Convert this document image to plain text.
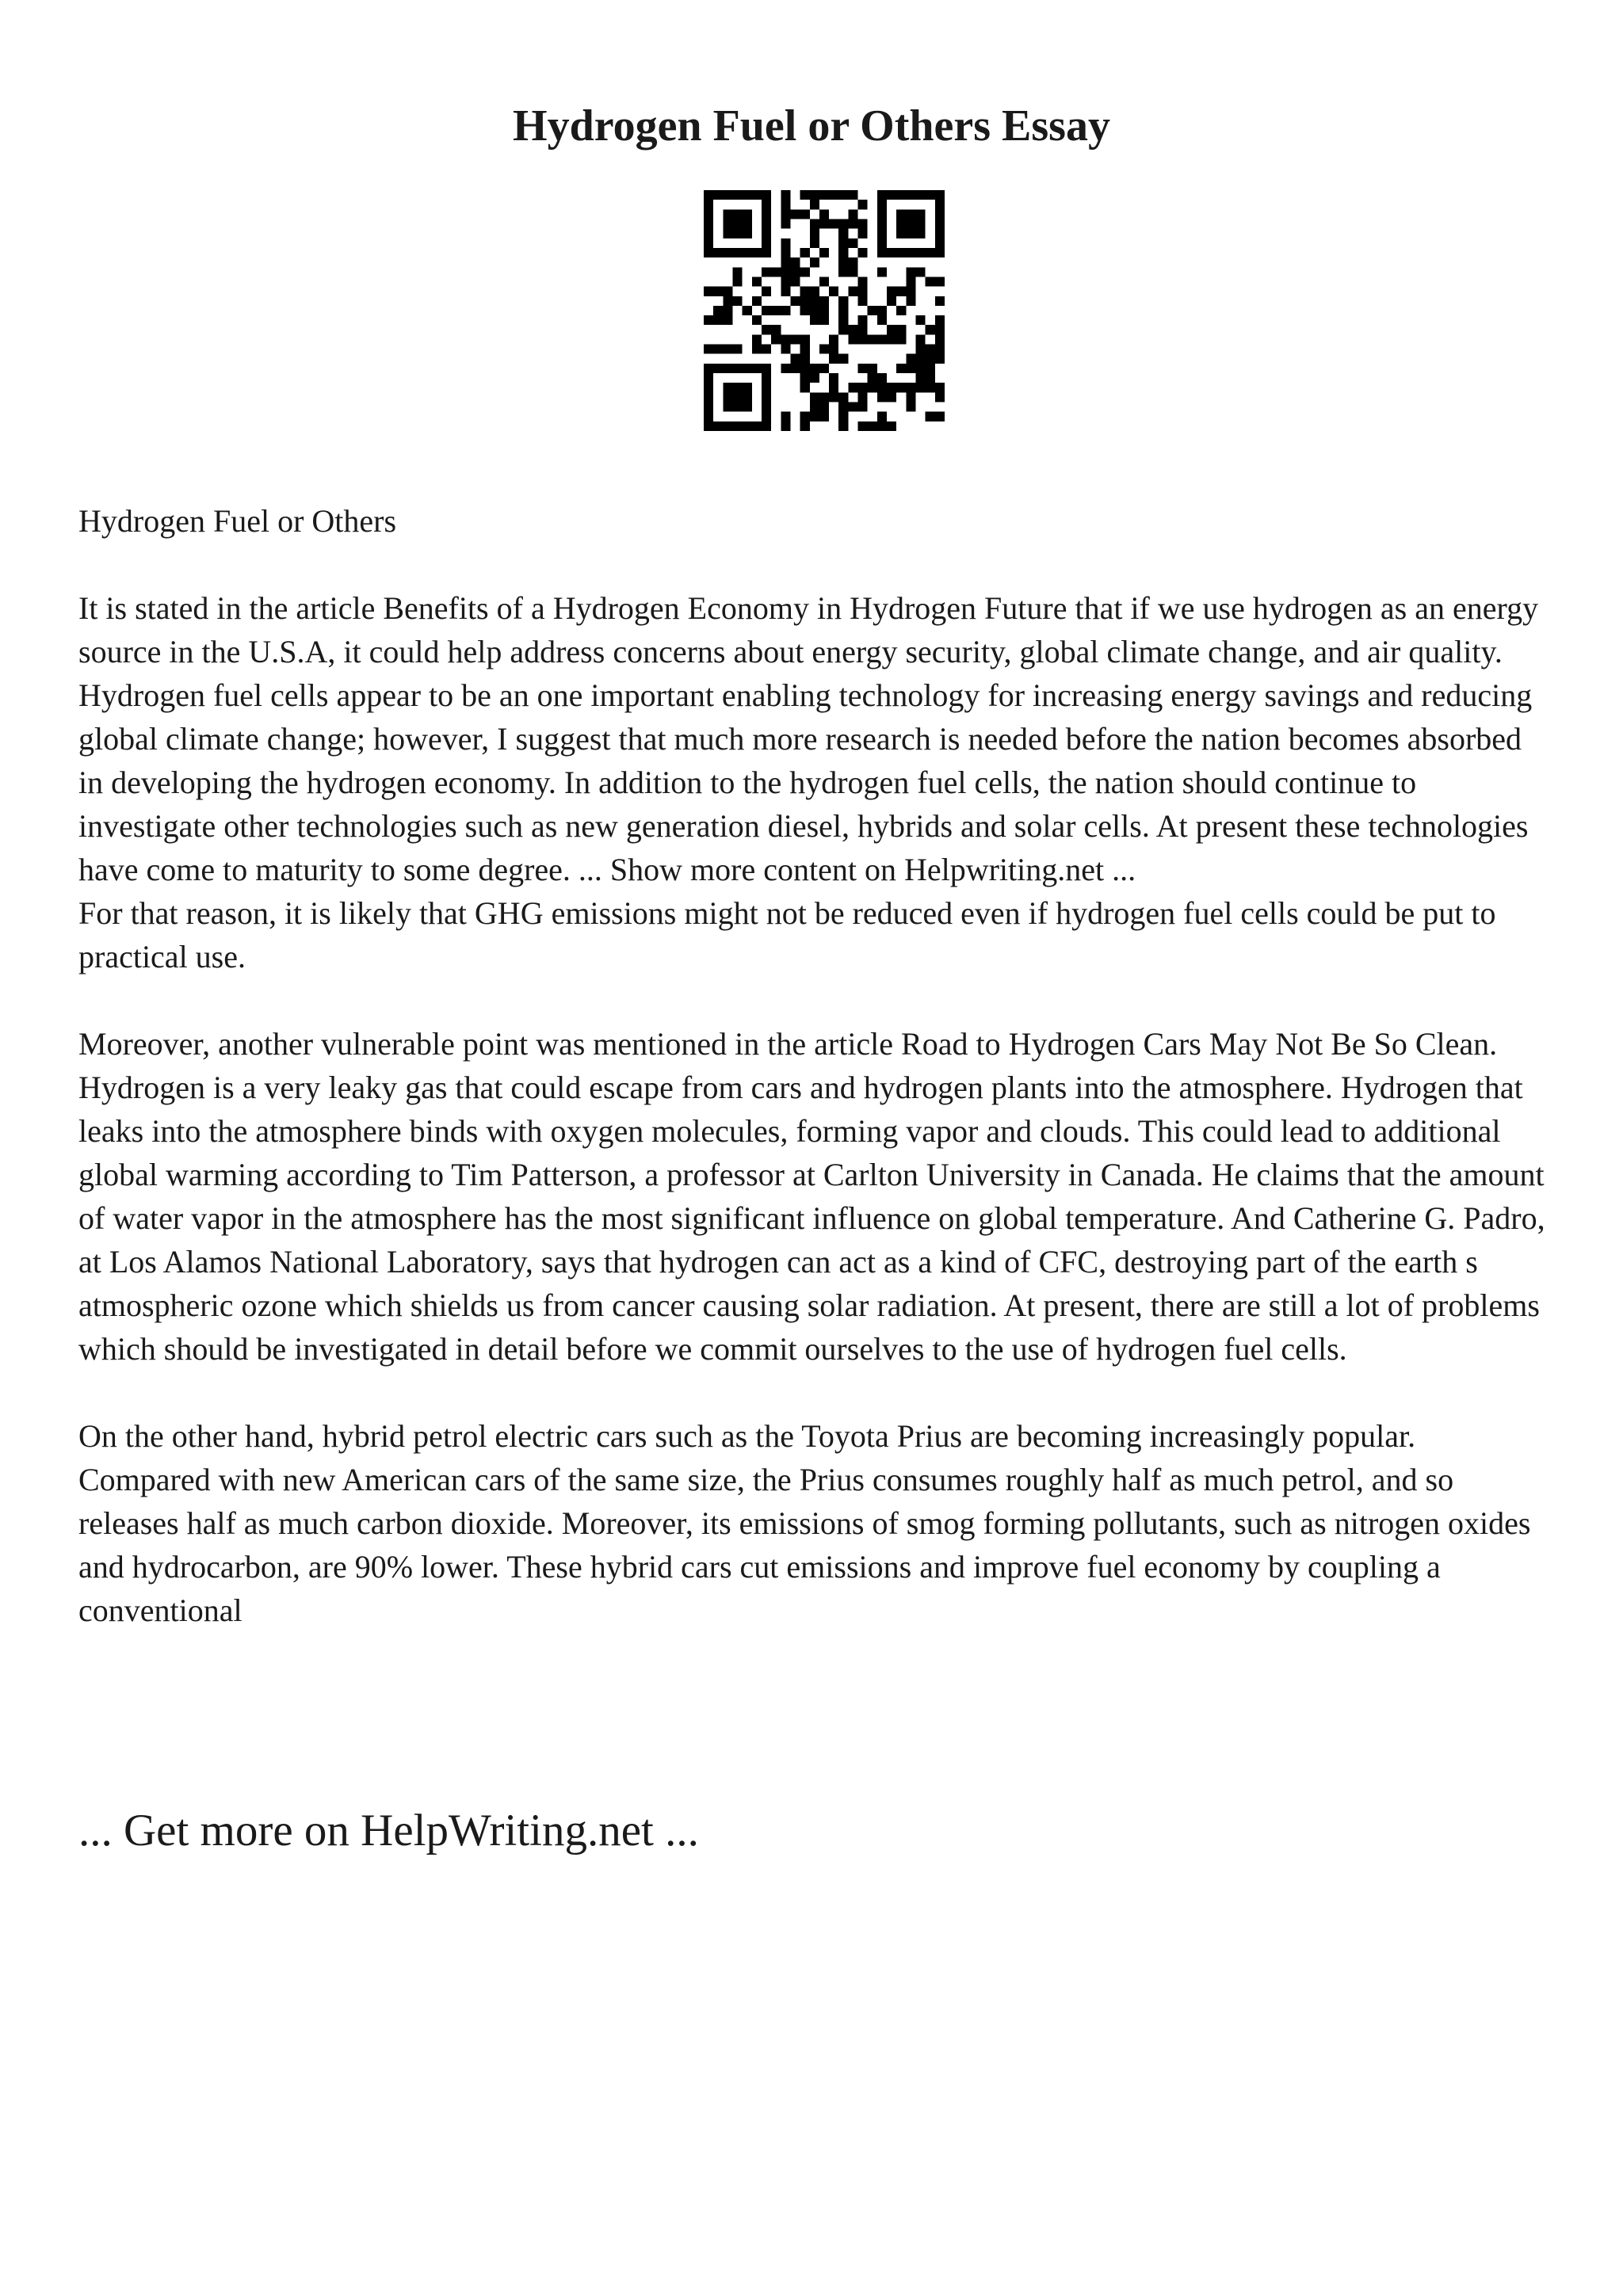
Hydrogen Fuel or Others Essay

Hydrogen Fuel or Others

It is stated in the article Benefits of a Hydrogen Economy in Hydrogen Future that if we use hydrogen as an energy source in the U.S.A, it could help address concerns about energy security, global climate change, and air quality. Hydrogen fuel cells appear to be an one important enabling technology for increasing energy savings and reducing global climate change; however, I suggest that much more research is needed before the nation becomes absorbed in developing the hydrogen economy. In addition to the hydrogen fuel cells, the nation should continue to investigate other technologies such as new generation diesel, hybrids and solar cells. At present these technologies have come to maturity to some degree. ... Show more content on Helpwriting.net ...

For that reason, it is likely that GHG emissions might not be reduced even if hydrogen fuel cells could be put to practical use.

Moreover, another vulnerable point was mentioned in the article Road to Hydrogen Cars May Not Be So Clean. Hydrogen is a very leaky gas that could escape from cars and hydrogen plants into the atmosphere. Hydrogen that leaks into the atmosphere binds with oxygen molecules, forming vapor and clouds. This could lead to additional global warming according to Tim Patterson, a professor at Carlton University in Canada. He claims that the amount of water vapor in the atmosphere has the most significant influence on global temperature. And Catherine G. Padro, at Los Alamos National Laboratory, says that hydrogen can act as a kind of CFC, destroying part of the earth s atmospheric ozone which shields us from cancer causing solar radiation. At present, there are still a lot of problems which should be investigated in detail before we commit ourselves to the use of hydrogen fuel cells.

On the other hand, hybrid petrol electric cars such as the Toyota Prius are becoming increasingly popular. Compared with new American cars of the same size, the Prius consumes roughly half as much petrol, and so releases half as much carbon dioxide. Moreover, its emissions of smog forming pollutants, such as nitrogen oxides and hydrocarbon, are 90% lower. These hybrid cars cut emissions and improve fuel economy by coupling a conventional

... Get more on HelpWriting.net ...
